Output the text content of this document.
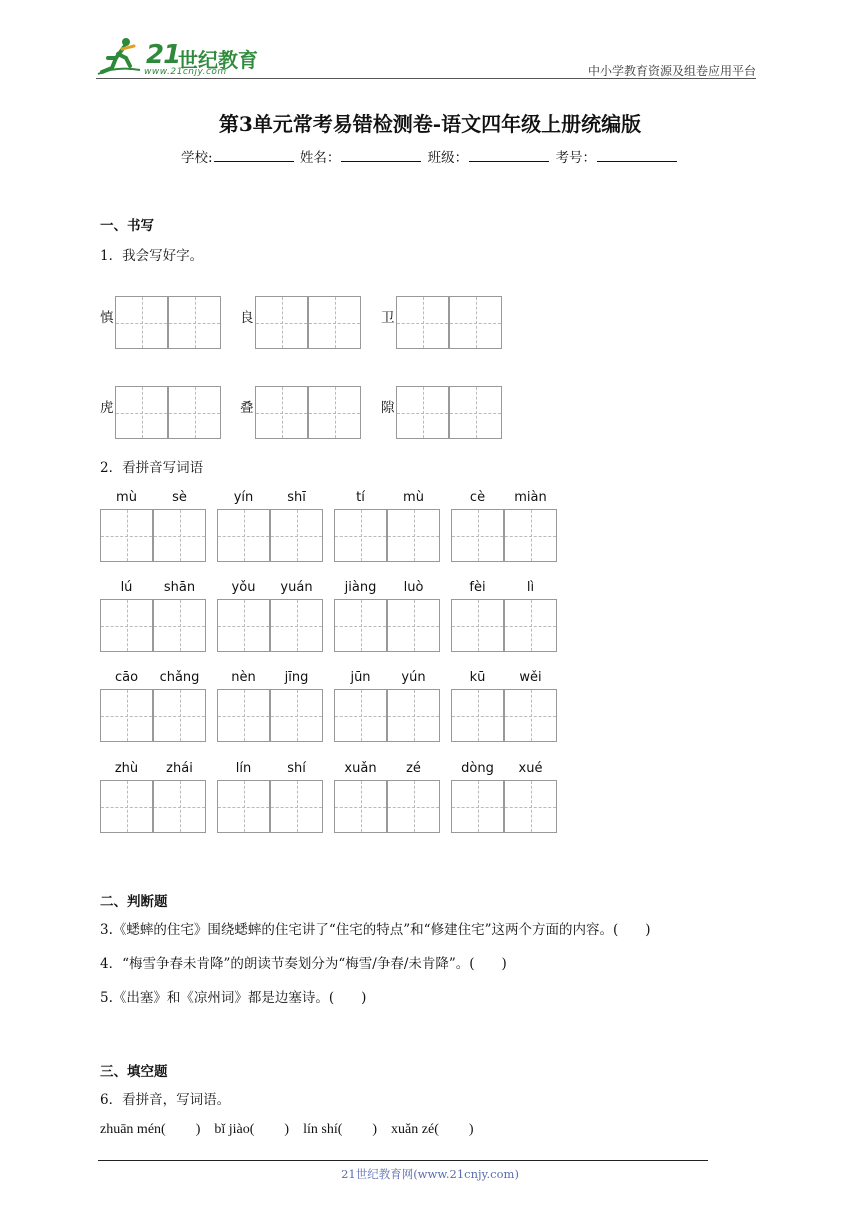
21
世纪教育
www.21cnjy.com	中小学教育资源及组卷应用平台
第3单元常考易错检测卷-语文四年级上册统编版
学校:	姓名：	班级：	考号：
一、书写
1．我会写好字。
慎	良	卫
虎	叠	隙
2．看拼音写词语
mù	sè	yín	shī	tí	mù	cè	miàn
lú	shān	yǒu	yuán	jiàng	luò	fèi	lì
cāo	chǎng	nèn	jīng	jūn	yún	kū	wěi
zhù	zhái	lín	shí	xuǎn	zé	dòng	xué
二、判断题
3.《蟋蟀的住宅》围绕蟋蟀的住宅讲了“住宅的特点”和“修建住宅”这两个方面的内容。(　　)
4．“梅雪争春未肯降”的朗读节奏划分为“梅雪/争春/未肯降”。(　　)
5.《出塞》和《凉州词》都是边塞诗。(　　)
三、填空题
6．看拼音，写词语。
zhuān mén( ) bǐ jiào( ) lín shí( ) xuǎn zé( )
21世纪教育网(www.21cnjy.com)
